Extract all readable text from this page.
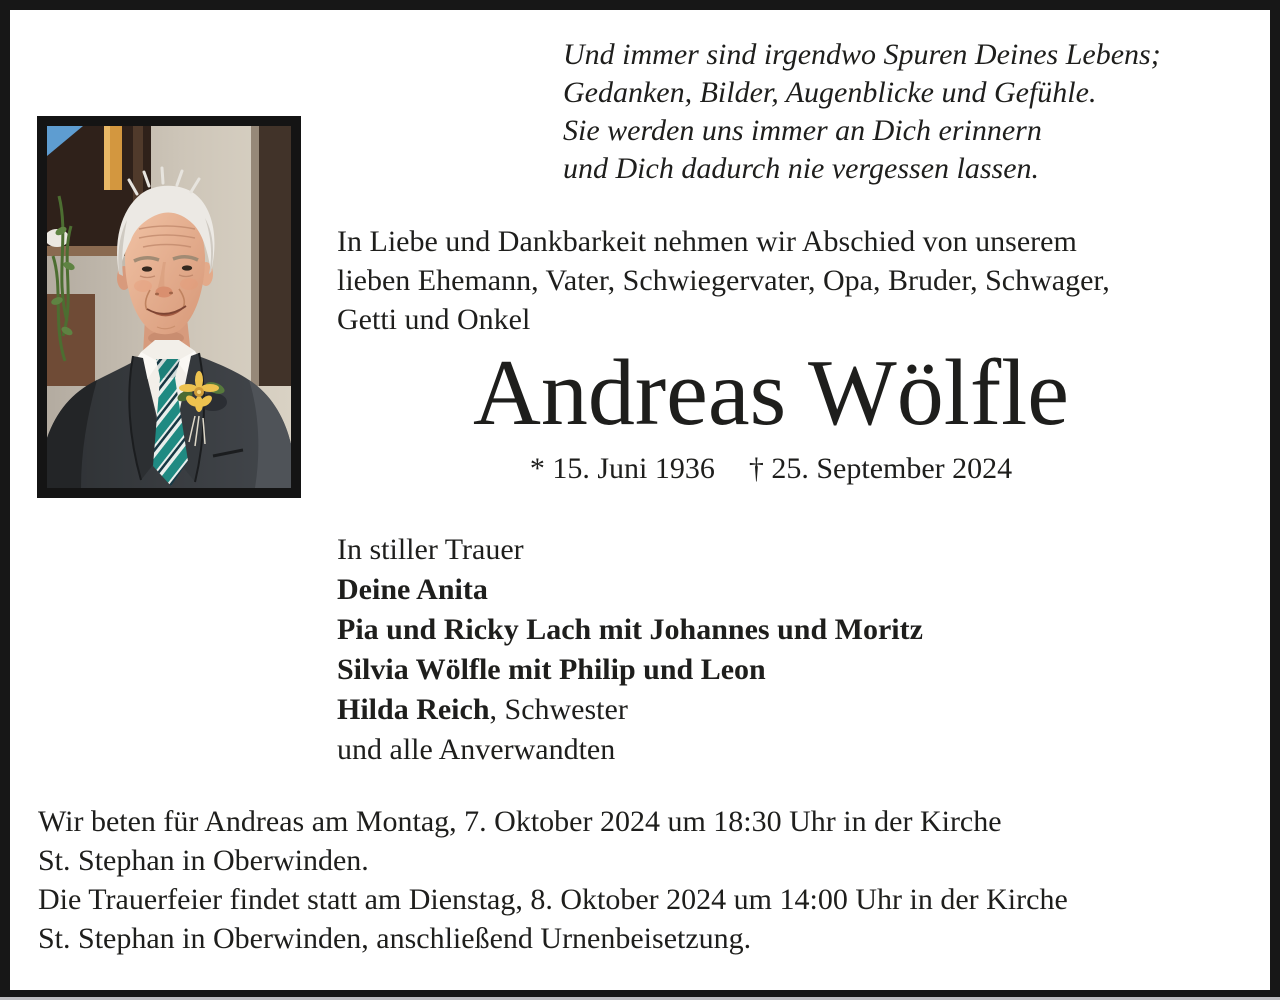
Und immer sind irgendwo Spuren Deines Lebens;
Gedanken, Bilder, Augenblicke und Gefühle.
Sie werden uns immer an Dich erinnern
und Dich dadurch nie vergessen lassen.
In Liebe und Dankbarkeit nehmen wir Abschied von unserem
lieben Ehemann, Vater, Schwiegervater, Opa, Bruder, Schwager,
Getti und Onkel
Andreas Wölfle
* 15. Juni 1936 † 25. September 2024
In stiller Trauer
Deine Anita
Pia und Ricky Lach mit Johannes und Moritz
Silvia Wölfle mit Philip und Leon
Hilda Reich, Schwester
und alle Anverwandten
Wir beten für Andreas am Montag, 7. Oktober 2024 um 18:30 Uhr in der Kirche
St. Stephan in Oberwinden.
Die Trauerfeier findet statt am Dienstag, 8. Oktober 2024 um 14:00 Uhr in der Kirche
St. Stephan in Oberwinden, anschließend Urnenbeisetzung.
